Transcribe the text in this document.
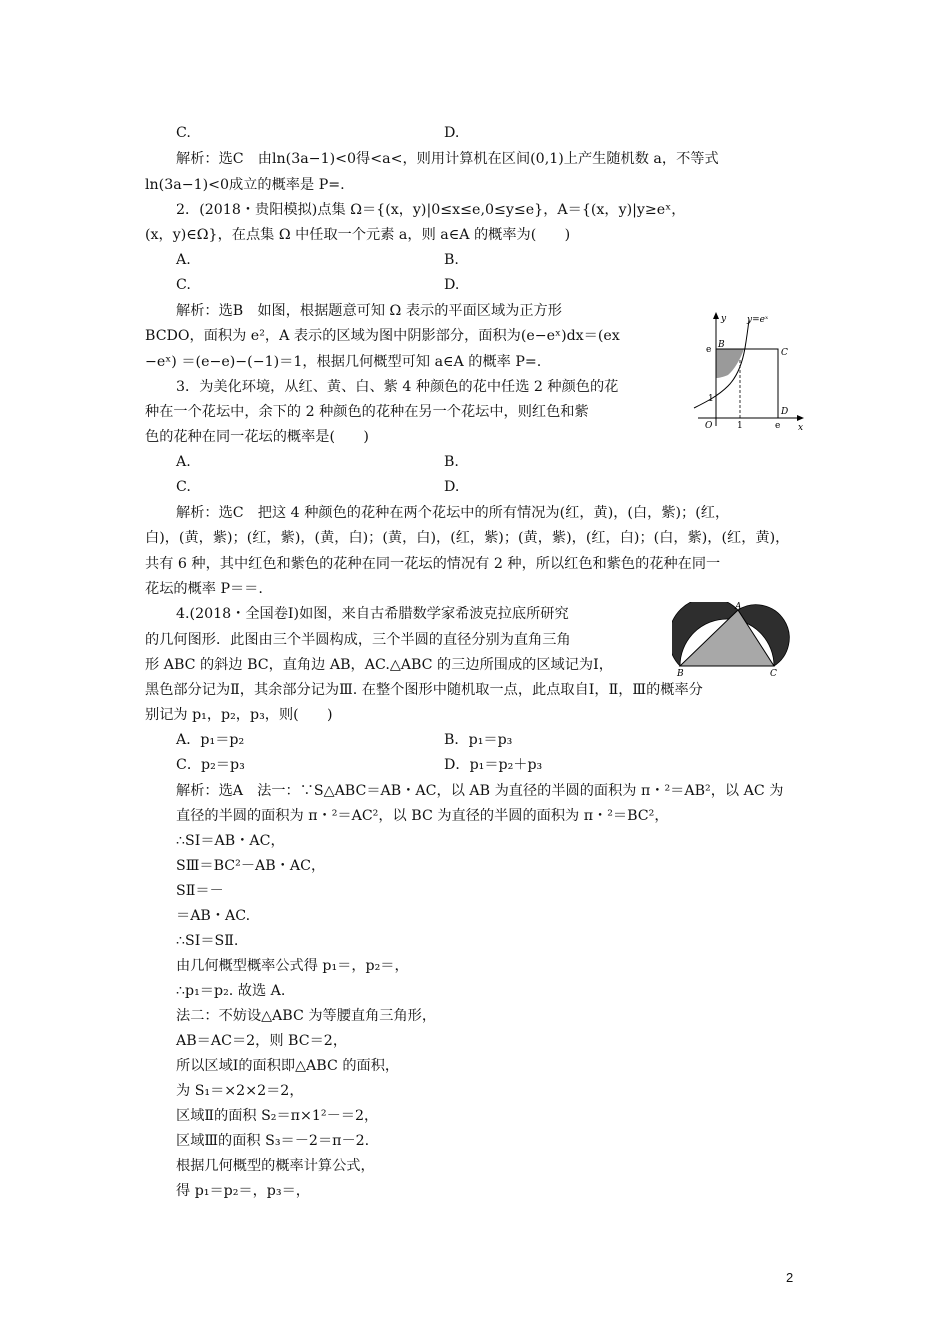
C.	D.
解析：选C　由ln(3a−1)<0得<a<，则用计算机在区间(0,1)上产生随机数 a，不等式
ln(3a−1)<0成立的概率是 P=.
2．(2018・贵阳模拟)点集 Ω＝{(x，y)|0≤x≤e,0≤y≤e}，A＝{(x，y)|y≥eˣ，
(x，y)∈Ω}，在点集 Ω 中任取一个元素 a，则 a∈A 的概率为(　　)
A.	B.
C.	D.
解析：选B　如图，根据题意可知 Ω 表示的平面区域为正方形
BCDO，面积为 e²，A 表示的区域为图中阴影部分，面积为(e−eˣ)dx＝(ex
−eˣ) ＝(e−e)−(−1)＝1，根据几何概型可知 a∈A 的概率 P=.
3．为美化环境，从红、黄、白、紫 4 种颜色的花中任选 2 种颜色的花
种在一个花坛中，余下的 2 种颜色的花种在另一个花坛中，则红色和紫
色的花种在同一花坛的概率是(　　)
A.	B.
C.	D.
解析：选C　把这 4 种颜色的花种在两个花坛中的所有情况为(红，黄)，(白，紫)；(红，
白)，(黄，紫)；(红，紫)，(黄，白)；(黄，白)，(红，紫)；(黄，紫)，(红，白)；(白，紫)，(红，黄)，
共有 6 种，其中红色和紫色的花种在同一花坛的情况有 2 种，所以红色和紫色的花种在同一
花坛的概率 P＝＝.
4.(2018・全国卷Ⅰ)如图，来自古希腊数学家希波克拉底所研究
的几何图形．此图由三个半圆构成，三个半圆的直径分别为直角三角
形 ABC 的斜边 BC，直角边 AB，AC.△ABC 的三边所围成的区域记为Ⅰ，
黑色部分记为Ⅱ，其余部分记为Ⅲ. 在整个图形中随机取一点，此点取自Ⅰ，Ⅱ，Ⅲ的概率分
别记为 p₁，p₂，p₃，则(　　)
A．p₁＝p₂	B．p₁＝p₃
C．p₂＝p₃	D．p₁＝p₂＋p₃
解析：选A　法一：∵S△ABC＝AB・AC，以 AB 为直径的半圆的面积为 π・²＝AB²，以 AC 为
直径的半圆的面积为 π・²＝AC²，以 BC 为直径的半圆的面积为 π・²＝BC²，
∴SⅠ＝AB・AC，
SⅢ＝BC²－AB・AC，
SⅡ＝－
＝AB・AC.
∴SⅠ＝SⅡ.
由几何概型概率公式得 p₁＝，p₂＝，
∴p₁＝p₂. 故选 A.
法二：不妨设△ABC 为等腰直角三角形，
AB＝AC＝2，则 BC＝2，
所以区域Ⅰ的面积即△ABC 的面积，
为 S₁＝×2×2＝2，
区域Ⅱ的面积 S₂＝π×1²－＝2，
区域Ⅲ的面积 S₃＝－2＝π－2.
根据几何概型的概率计算公式，
得 p₁＝p₂＝，p₃＝，
y=eˣ
y
x
e
1
O	1	e
B
C
D
A
B	C
2
